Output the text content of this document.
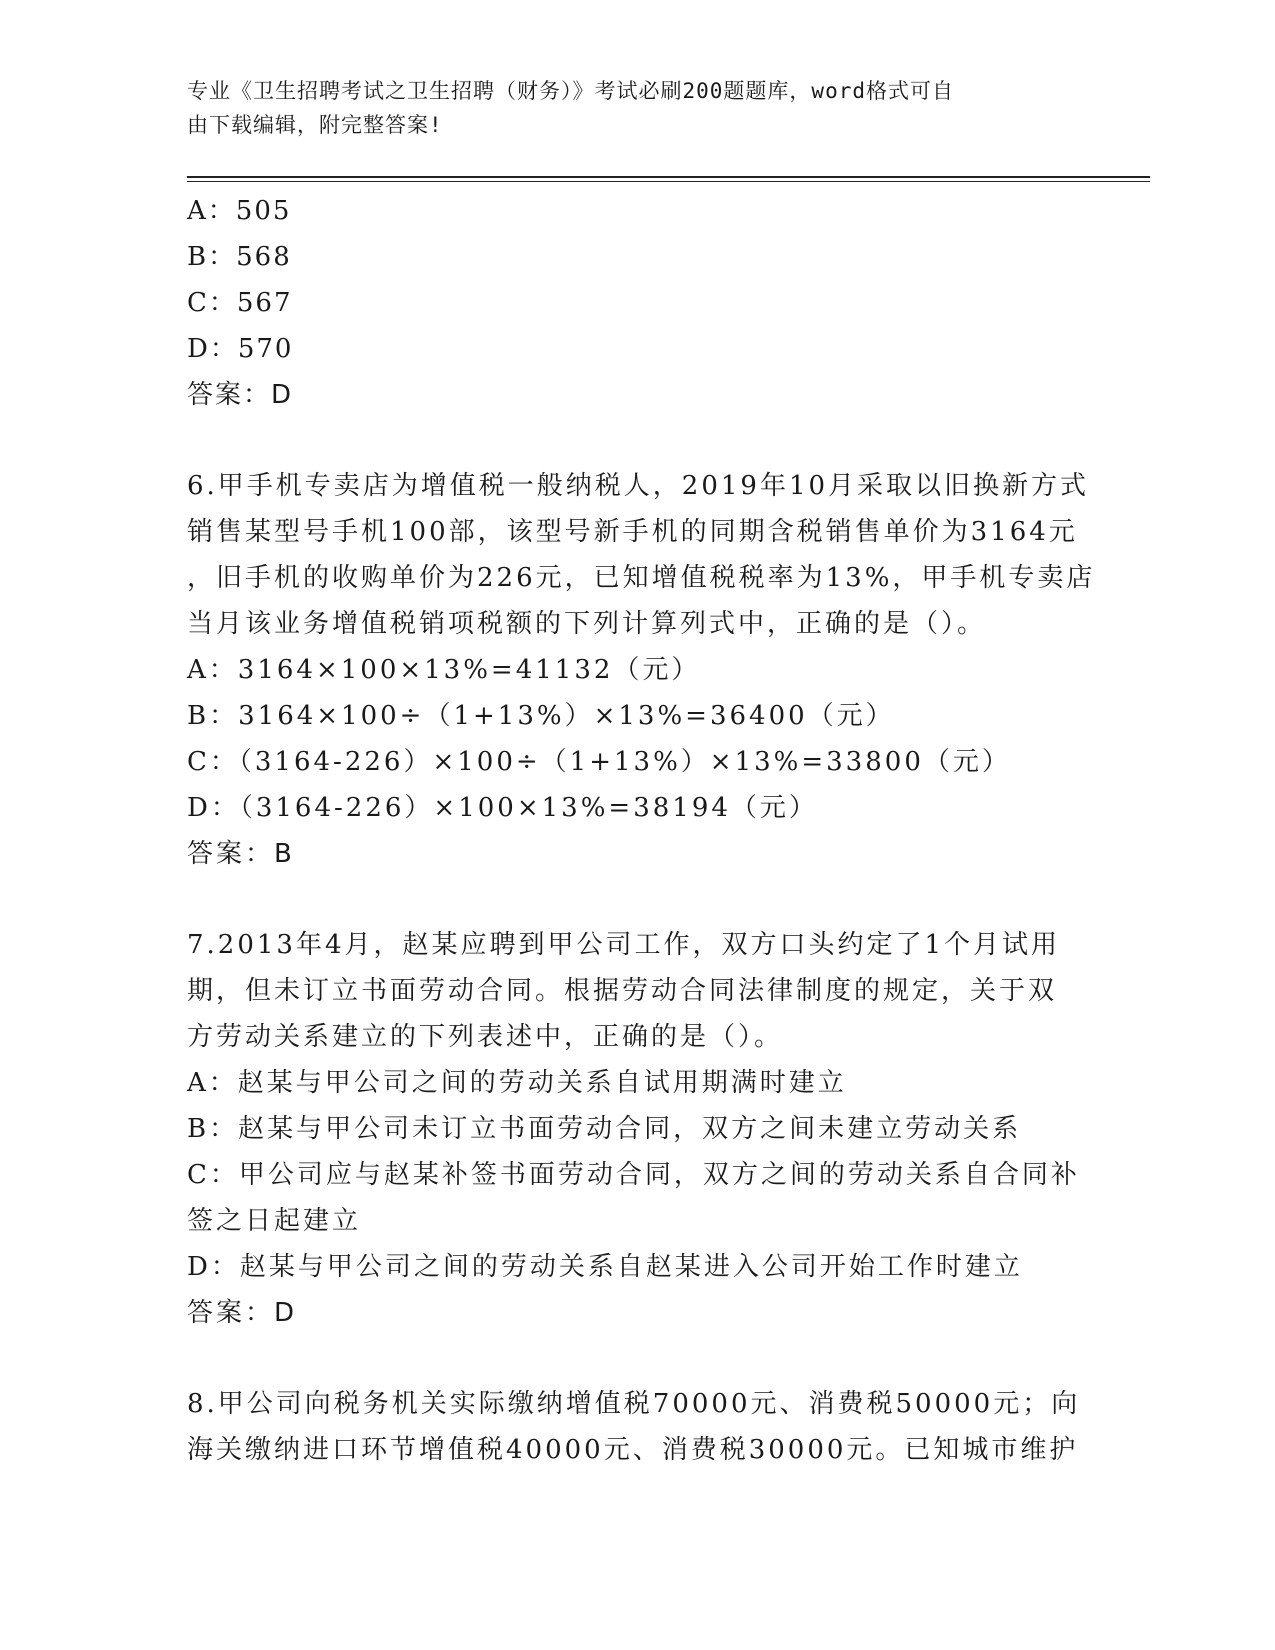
专业《卫生招聘考试之卫生招聘（财务）》考试必刷200题题库，word格式可自
由下载编辑，附完整答案!
A：505
B：568
C：567
D：570
答案：D
6.甲手机专卖店为增值税一般纳税人，2019年10月采取以旧换新方式
销售某型号手机100部，该型号新手机的同期含税销售单价为3164元
，旧手机的收购单价为226元，已知增值税税率为13%，甲手机专卖店
当月该业务增值税销项税额的下列计算列式中，正确的是（）。
A：3164×100×13%=41132（元）
B：3164×100÷（1+13%）×13%=36400（元）
C：（3164-226）×100÷（1+13%）×13%=33800（元）
D：（3164-226）×100×13%=38194（元）
答案：B
7.2013年4月，赵某应聘到甲公司工作，双方口头约定了1个月试用
期，但未订立书面劳动合同。根据劳动合同法律制度的规定，关于双
方劳动关系建立的下列表述中，正确的是（）。
A：赵某与甲公司之间的劳动关系自试用期满时建立
B：赵某与甲公司未订立书面劳动合同，双方之间未建立劳动关系
C：甲公司应与赵某补签书面劳动合同，双方之间的劳动关系自合同补
签之日起建立
D：赵某与甲公司之间的劳动关系自赵某进入公司开始工作时建立
答案：D
8.甲公司向税务机关实际缴纳增值税70000元、消费税50000元；向
海关缴纳进口环节增值税40000元、消费税30000元。已知城市维护
